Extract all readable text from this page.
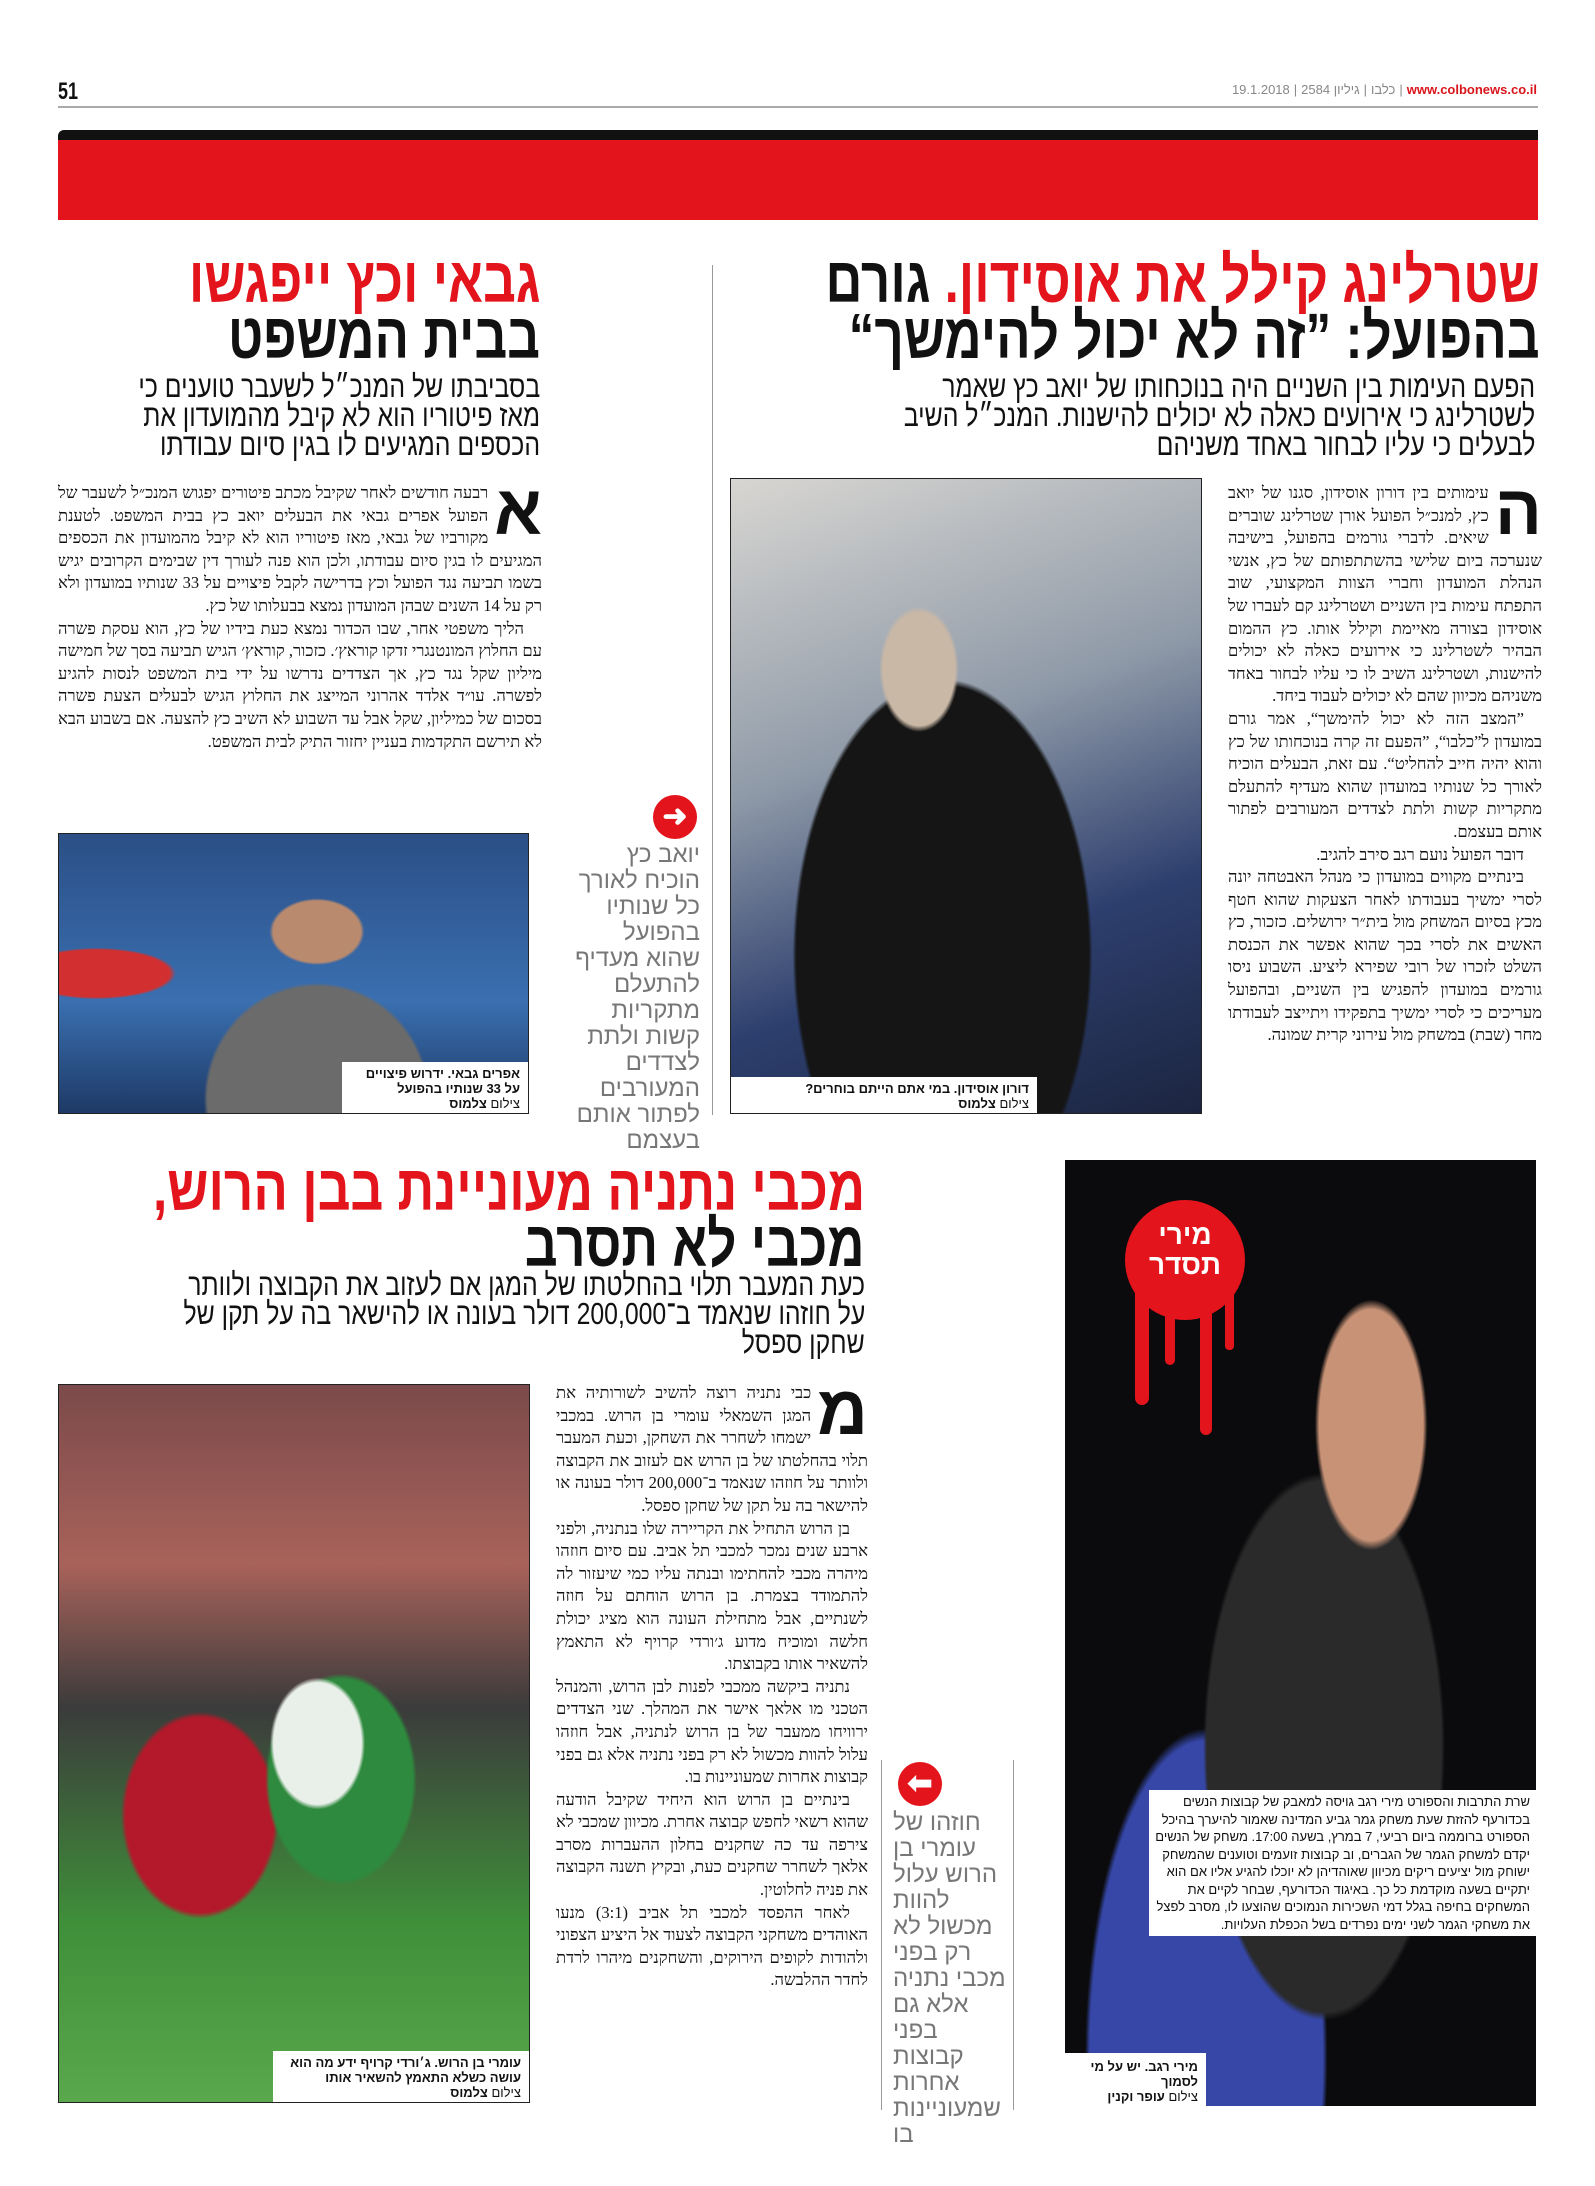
51	www.colbonews.co.il
|
כלבו
|
גיליון 2584
|
19.1.2018
שטרלינג קילל את אוסידון. גורם
בהפועל: ”זה לא יכול להימשך“
הפעם העימות בין השניים היה בנוכחותו של יואב כץ שאמר
לשטרלינג כי אירועים כאלה לא יכולים להישנות. המנכ״ל השיב
לבעלים כי עליו לבחור באחד משניהם
ה

עימותים בין דורון אוסידון, סגנו של יואב כץ, למנכ״ל הפועל אורן שטרלינג שוברים שיאים. לדברי גורמים בהפועל, בישיבה שנערכה ביום שלישי בהשתתפותם של כץ, אנשי הנהלת המועדון וחברי הצוות המקצועי, שוב התפתח עימות בין השניים ושטרלינג קם לעברו של אוסידון בצורה מאיימת וקילל אותו. כץ ההמום הבהיר לשטרלינג כי אירועים כאלה לא יכולים להישנות, ושטרלינג השיב לו כי עליו לבחור באחד משניהם מכיוון שהם לא יכולים לעבוד ביחד.

”המצב הזה לא יכול להימשך“, אמר גורם במועדון ל”כלבו“, ”הפעם זה קרה בנוכחותו של כץ והוא יהיה חייב להחליט“. עם זאת, הבעלים הוכיח לאורך כל שנותיו במועדון שהוא מעדיף להתעלם מתקריות קשות ולתת לצדדים המעורבים לפתור אותם בעצמם.

דובר הפועל נועם רגב סירב להגיב.

בינתיים מקווים במועדון כי מנהל האבטחה יונה לסרי ימשיך בעבודתו לאחר הצעקות שהוא חטף מכץ בסיום המשחק מול בית״ר ירושלים. כזכור, כץ האשים את לסרי בכך שהוא אפשר את הכנסת השלט לזכרו של רובי שפירא ליציע. השבוע ניסו גורמים במועדון להפגיש בין השניים, ובהפועל מעריכים כי לסרי ימשיך בתפקידו ויתייצב לעבודתו מחר (שבת) במשחק מול עירוני קרית שמונה.

דורון אוסידון. במי אתם הייתם בוחרים?
צילום צלמוס
➜
יואב כץ הוכיח לאורך כל שנותיו בהפועל שהוא מעדיף להתעלם מתקריות קשות ולתת לצדדים המעורבים לפתור אותם בעצמם
גבאי וכץ ייפגשו
בבית המשפט
בסביבתו של המנכ״ל לשעבר טוענים כי
מאז פיטוריו הוא לא קיבל מהמועדון את
הכספים המגיעים לו בגין סיום עבודתו
א

רבעה חודשים לאחר שקיבל מכתב פיטורים יפגוש המנכ״ל לשעבר של הפועל אפרים גבאי את הבעלים יואב כץ בבית המשפט. לטענת מקורביו של גבאי, מאז פיטוריו הוא לא קיבל מהמועדון את הכספים המגיעים לו בגין סיום עבודתו, ולכן הוא פנה לעורך דין שבימים הקרובים יגיש בשמו תביעה נגד הפועל וכץ בדרישה לקבל פיצויים על 33 שנותיו במועדון ולא רק על 14 השנים שבהן המועדון נמצא בבעלותו של כץ.

הליך משפטי אחר, שבו הכדור נמצא כעת בידיו של כץ, הוא עסקת פשרה עם החלוץ המונטנגרי זדקו קוראץ׳. כזכור, קוראץ׳ הגיש תביעה בסך של חמישה מיליון שקל נגד כץ, אך הצדדים נדרשו על ידי בית המשפט לנסות להגיע לפשרה. עו״ד אלדד אהרוני המייצג את החלוץ הגיש לבעלים הצעת פשרה בסכום של כמיליון, שקל אבל עד השבוע לא השיב כץ להצעה. אם בשבוע הבא לא תירשם התקדמות בעניין יחזור התיק לבית המשפט.

אפרים גבאי. ידרוש פיצויים על 33 שנותיו בהפועל
צילום צלמוס
מירי
תסדר
שרת התרבות והספורט מירי רגב גויסה למאבק של קבוצות הנשים בכדורעף להזזת שעת משחק גמר גביע המדינה שאמור להיערך בהיכל הספורט ברוממה ביום רביעי, 7 במרץ, בשעה 17:00. משחק של הנשים יקדם למשחק הגמר של הגברים, וב קבוצות זועמים וטוענים שהמשחק ישוחק מול יציעים ריקים מכיוון שאוהדיהן לא יוכלו להגיע אליו אם הוא יתקיים בשעה מוקדמת כל כך. באיגוד הכדורעף, שבחר לקיים את המשחקים בחיפה בגלל דמי השכירות הנמוכים שהוצעו לו, מסרב לפצל את משחקי הגמר לשני ימים נפרדים בשל הכפלת העלויות.
מירי רגב. יש על מי לסמוך
צילום עופר וקנין
⬅
חוזהו של עומרי בן הרוש עלול להוות מכשול לא רק בפני מכבי נתניה אלא גם בפני קבוצות אחרות שמעוניינות בו
מכבי נתניה מעוניינת בבן הרוש,
מכבי לא תסרב
כעת המעבר תלוי בהחלטתו של המגן אם לעזוב את הקבוצה ולוותר
על חוזהו שנאמד ב־200,000 דולר בעונה או להישאר בה על תקן של
שחקן ספסל
מ

כבי נתניה רוצה להשיב לשורותיה את המגן השמאלי עומרי בן הרוש. במכבי ישמחו לשחרר את השחקן, וכעת המעבר תלוי בהחלטתו של בן הרוש אם לעזוב את הקבוצה ולוותר על חוזהו שנאמד ב־200,000 דולר בעונה או להישאר בה על תקן של שחקן ספסל.

בן הרוש התחיל את הקריירה שלו בנתניה, ולפני ארבע שנים נמכר למכבי תל אביב. עם סיום חוזהו מיהרה מכבי להחתימו ובנתה עליו כמי שיעזור לה להתמודד בצמרת. בן הרוש הוחתם על חוזה לשנתיים, אבל מתחילת העונה הוא מציג יכולת חלשה ומוכיח מדוע ג׳ורדי קרויף לא התאמץ להשאיר אותו בקבוצתו.

נתניה ביקשה ממכבי לפנות לבן הרוש, והמנהל הטכני מו אלאך אישר את המהלך. שני הצדדים ירוויחו ממעבר של בן הרוש לנתניה, אבל חוזהו עלול להוות מכשול לא רק בפני נתניה אלא גם בפני קבוצות אחרות שמעוניינות בו.

בינתיים בן הרוש הוא היחיד שקיבל הודעה שהוא רשאי לחפש קבוצה אחרת. מכיוון שמכבי לא צירפה עד כה שחקנים בחלון ההעברות מסרב אלאך לשחרר שחקנים כעת, ובקיץ תשנה הקבוצה את פניה לחלוטין.

לאחר ההפסד למכבי תל אביב (3:1) מנעו האוהדים משחקני הקבוצה לצעוד אל היציע הצפוני ולהודות לקופים הירוקים, והשחקנים מיהרו לרדת לחדר ההלבשה.

עומרי בן הרוש. ג׳ורדי קרויף ידע מה הוא עושה כשלא התאמץ להשאיר אותו
צילום צלמוס
